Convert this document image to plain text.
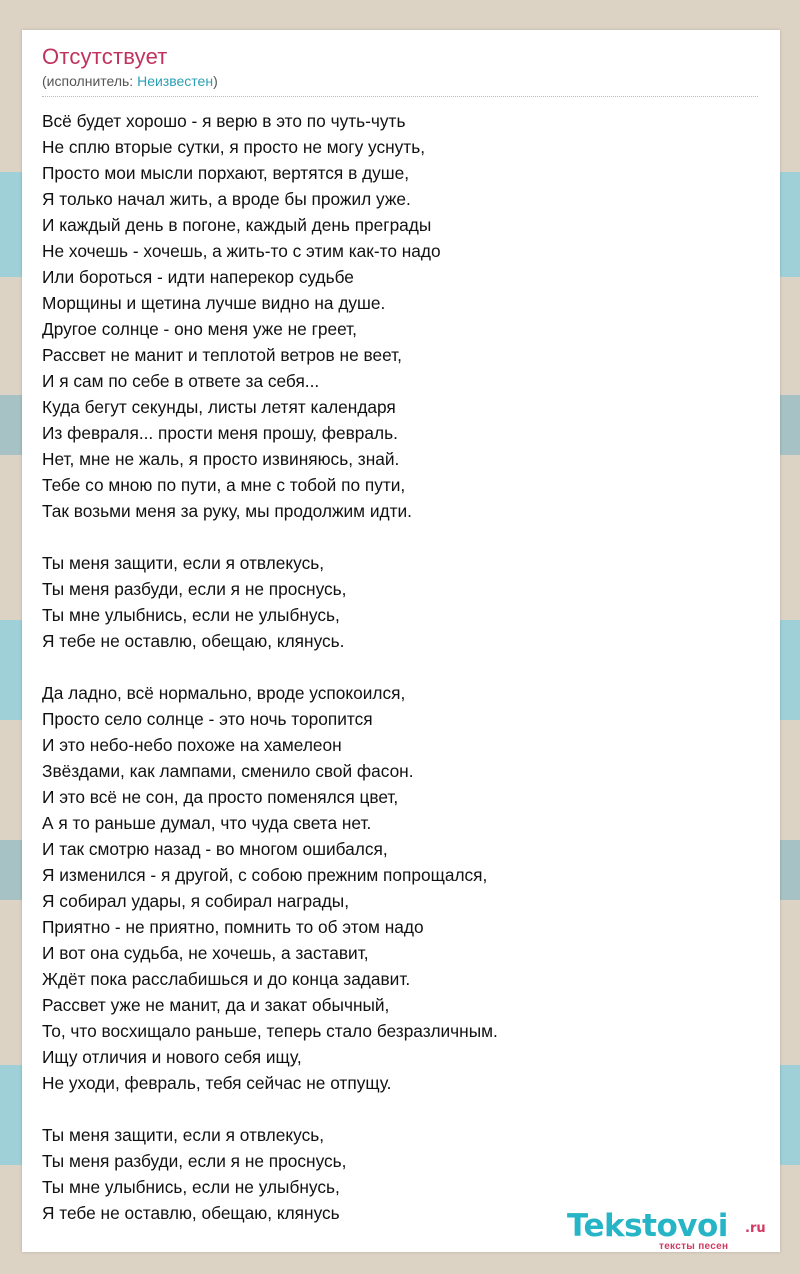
Отсутствует
(исполнитель: Неизвестен)
Всё будет хорошо - я верю в это по чуть-чуть
Не сплю вторые сутки, я просто не могу уснуть,
Просто мои мысли порхают, вертятся в душе,
Я только начал жить, а вроде бы прожил уже.
И каждый день в погоне, каждый день преграды
Не хочешь - хочешь, а жить-то с этим как-то надо
Или бороться - идти наперекор судьбе
Морщины и щетина лучше видно на душе.
Другое солнце - оно меня уже не греет,
Рассвет не манит и теплотой ветров не веет,
И я сам по себе в ответе за себя...
Куда бегут секунды, листы летят календаря
Из февраля... прости меня прошу, февраль.
Нет, мне не жаль, я просто извиняюсь, знай.
Тебе со мною по пути, а мне с тобой по пути,
Так возьми меня за руку, мы продолжим идти.
Ты меня защити, если я отвлекусь,
Ты меня разбуди, если я не проснусь,
Ты мне улыбнись, если не улыбнусь,
Я тебе не оставлю, обещаю, клянусь.
Да ладно, всё нормально, вроде успокоился,
Просто село солнце - это ночь торопится
И это небо-небо похоже на хамелеон
Звёздами, как лампами, сменило свой фасон.
И это всё не сон, да просто поменялся цвет,
А я то раньше думал, что чуда света нет.
И так смотрю назад - во многом ошибался,
Я изменился - я другой, с собою прежним попрощался,
Я собирал удары, я собирал награды,
Приятно - не приятно, помнить то об этом надо
И вот она судьба, не хочешь, а заставит,
Ждёт пока расслабишься и до конца задавит.
Рассвет уже не манит, да и закат обычный,
То, что восхищало раньше, теперь стало безразличным.
Ищу отличия и нового себя ищу,
Не уходи, февраль, тебя сейчас не отпущу.
Ты меня защити, если я отвлекусь,
Ты меня разбуди, если я не проснусь,
Ты мне улыбнись, если не улыбнусь,
Я тебе не оставлю, обещаю, клянусь	Tekstovoi .ru
тексты песен
